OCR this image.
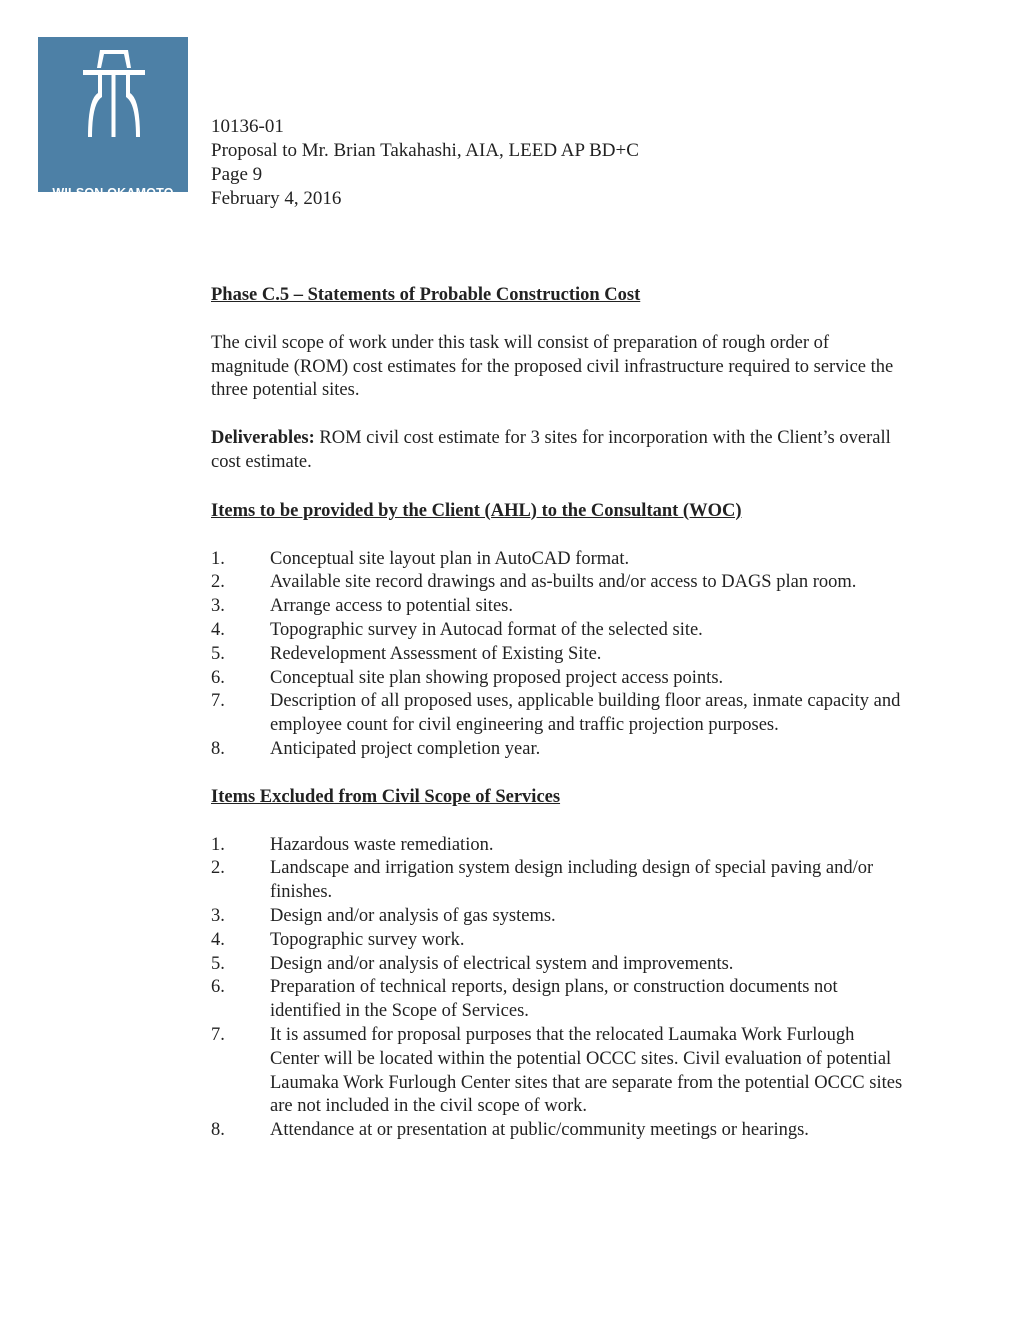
WILSON OKAMOTO
CORPORATION
10136-01
Proposal to Mr. Brian Takahashi, AIA, LEED AP BD+C
Page 9
February 4, 2016
Phase C.5 – Statements of Probable Construction Cost

The civil scope of work under this task will consist of preparation of rough order of magnitude (ROM) cost estimates for the proposed civil infrastructure required to service the three potential sites.

Deliverables: ROM civil cost estimate for 3 sites for incorporation with the Client’s overall cost estimate.

Items to be provided by the Client (AHL) to the Consultant (WOC)
1.	Conceptual site layout plan in AutoCAD format.
2.	Available site record drawings and as-builts and/or access to DAGS plan room.
3.	Arrange access to potential sites.
4.	Topographic survey in Autocad format of the selected site.
5.	Redevelopment Assessment of Existing Site.
6.	Conceptual site plan showing proposed project access points.
7.	Description of all proposed uses, applicable building floor areas, inmate capacity and employee count for civil engineering and traffic projection purposes.
8.	Anticipated project completion year.
Items Excluded from Civil Scope of Services
1.	Hazardous waste remediation.
2.	Landscape and irrigation system design including design of special paving and/or finishes.
3.	Design and/or analysis of gas systems.
4.	Topographic survey work.
5.	Design and/or analysis of electrical system and improvements.
6.	Preparation of technical reports, design plans, or construction documents not identified in the Scope of Services.
7.	It is assumed for proposal purposes that the relocated Laumaka Work Furlough Center will be located within the potential OCCC sites. Civil evaluation of potential Laumaka Work Furlough Center sites that are separate from the potential OCCC sites are not included in the civil scope of work.
8.	Attendance at or presentation at public/community meetings or hearings.
